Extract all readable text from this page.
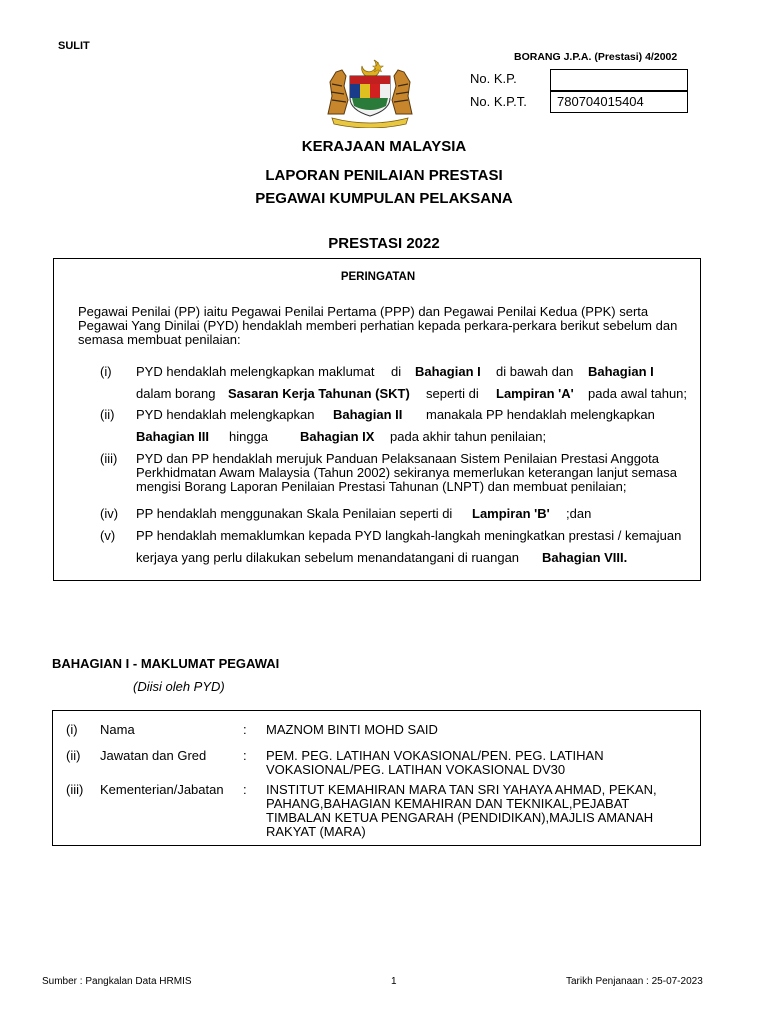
SULIT
BORANG J.P.A. (Prestasi) 4/2002
No. K.P.
No. K.P.T.	780704015404
KERAJAAN MALAYSIA
LAPORAN PENILAIAN PRESTASI
PEGAWAI KUMPULAN PELAKSANA
PRESTASI 2022
PERINGATAN
Pegawai Penilai (PP) iaitu Pegawai Penilai Pertama (PPP) dan Pegawai Penilai Kedua (PPK) serta
Pegawai Yang Dinilai (PYD) hendaklah memberi perhatian kepada perkara-perkara berikut sebelum dan
semasa membuat penilaian:
(i) PYD hendaklah melengkapkan maklumat di Bahagian I di bawah dan Bahagian I
dalam borang Sasaran Kerja Tahunan (SKT) seperti di Lampiran 'A' pada awal tahun;
(ii) PYD hendaklah melengkapkan Bahagian II manakala PP hendaklah melengkapkan
Bahagian III hingga Bahagian IX pada akhir tahun penilaian;
(iii) PYD dan PP hendaklah merujuk Panduan Pelaksanaan Sistem Penilaian Prestasi Anggota
Perkhidmatan Awam Malaysia (Tahun 2002) sekiranya memerlukan keterangan lanjut semasa
mengisi Borang Laporan Penilaian Prestasi Tahunan (LNPT) dan membuat penilaian;
(iv) PP hendaklah menggunakan Skala Penilaian seperti di Lampiran 'B' ;dan
(v) PP hendaklah memaklumkan kepada PYD langkah-langkah meningkatkan prestasi / kemajuan
kerjaya yang perlu dilakukan sebelum menandatangani di ruangan Bahagian VIII.
BAHAGIAN I - MAKLUMAT PEGAWAI
(Diisi oleh PYD)
(i) Nama	: MAZNOM BINTI MOHD SAID
(ii) Jawatan dan Gred	: PEM. PEG. LATIHAN VOKASIONAL/PEN. PEG. LATIHAN
VOKASIONAL/PEG. LATIHAN VOKASIONAL DV30
(iii) Kementerian/Jabatan : INSTITUT KEMAHIRAN MARA TAN SRI YAHAYA AHMAD, PEKAN,
PAHANG,BAHAGIAN KEMAHIRAN DAN TEKNIKAL,PEJABAT
TIMBALAN KETUA PENGARAH (PENDIDIKAN),MAJLIS AMANAH
RAKYAT (MARA)
Sumber : Pangkalan Data HRMIS	1	Tarikh Penjanaan : 25-07-2023
